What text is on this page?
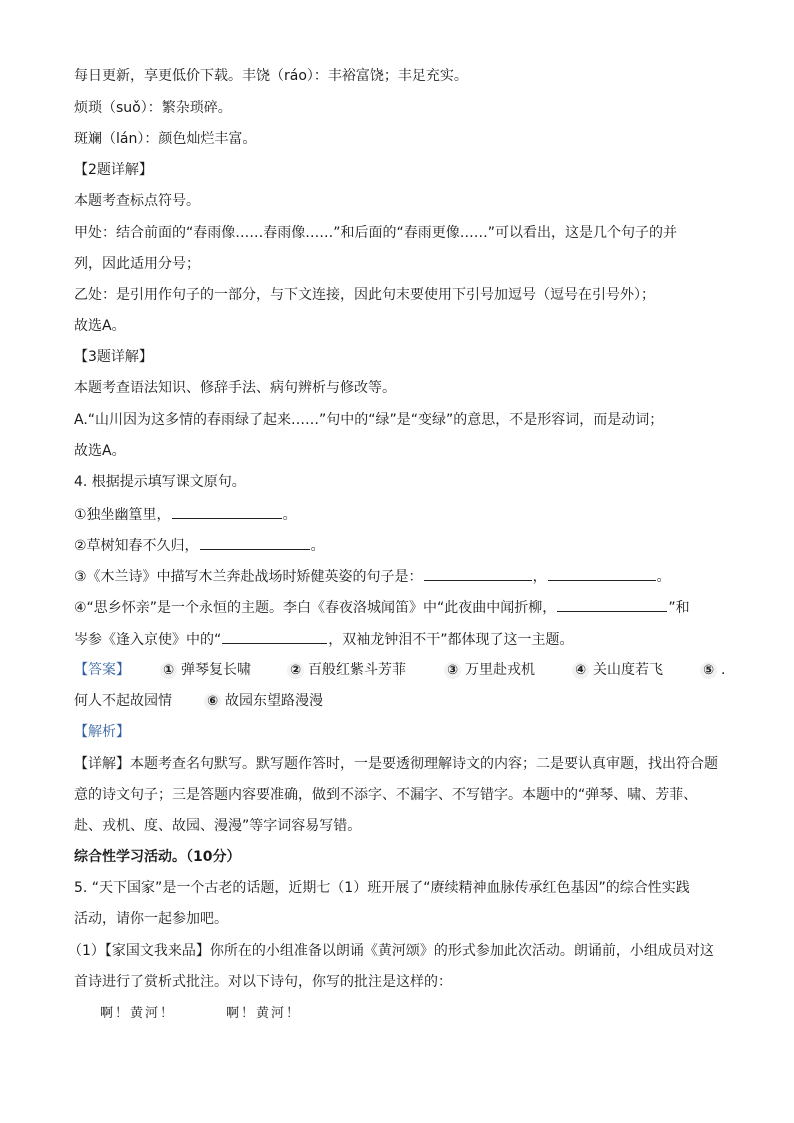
每日更新，享更低价下载。丰饶（ráo）：丰裕富饶；丰足充实。
烦琐（suǒ）：繁杂琐碎。
斑斓（lán）：颜色灿烂丰富。
【2题详解】
本题考查标点符号。
甲处：结合前面的“春雨像……春雨像……”和后面的“春雨更像……”可以看出，这是几个句子的并
列，因此适用分号；
乙处：是引用作句子的一部分，与下文连接，因此句末要使用下引号加逗号（逗号在引号外）；
故选A。
【3题详解】
本题考查语法知识、修辞手法、病句辨析与修改等。
A.“山川因为这多情的春雨绿了起来……”句中的“绿”是“变绿”的意思，不是形容词，而是动词；
故选A。
4. 根据提示填写课文原句。
①独坐幽篁里，	。
②草树知春不久归，	。
③《木兰诗》中描写木兰奔赴战场时矫健英姿的句子是：	，	。
④“思乡怀亲”是一个永恒的主题。李白《春夜洛城闻笛》中“此夜曲中闻折柳，	”和
岑参《逢入京使》中的“	，双袖龙钟泪不干”都体现了这一主题。
【答案】	① 弹琴复长啸	② 百般红紫斗芳菲	③ 万里赴戎机	④ 关山度若飞	⑤ .
何人不起故园情	⑥ 故园东望路漫漫
【解析】
【详解】本题考查名句默写。默写题作答时，一是要透彻理解诗文的内容；二是要认真审题，找出符合题
意的诗文句子；三是答题内容要准确，做到不添字、不漏字、不写错字。本题中的“弹琴、啸、芳菲、
赴、戎机、度、故园、漫漫”等字词容易写错。
综合性学习活动。（10分）
5. “天下国家”是一个古老的话题，近期七（1）班开展了“赓续精神血脉传承红色基因”的综合性实践
活动，请你一起参加吧。
（1）【家国文我来品】你所在的小组准备以朗诵《黄河颂》的形式参加此次活动。朗诵前，小组成员对这
首诗进行了赏析式批注。对以下诗句，你写的批注是这样的：
啊！黄河！	啊！黄河！
